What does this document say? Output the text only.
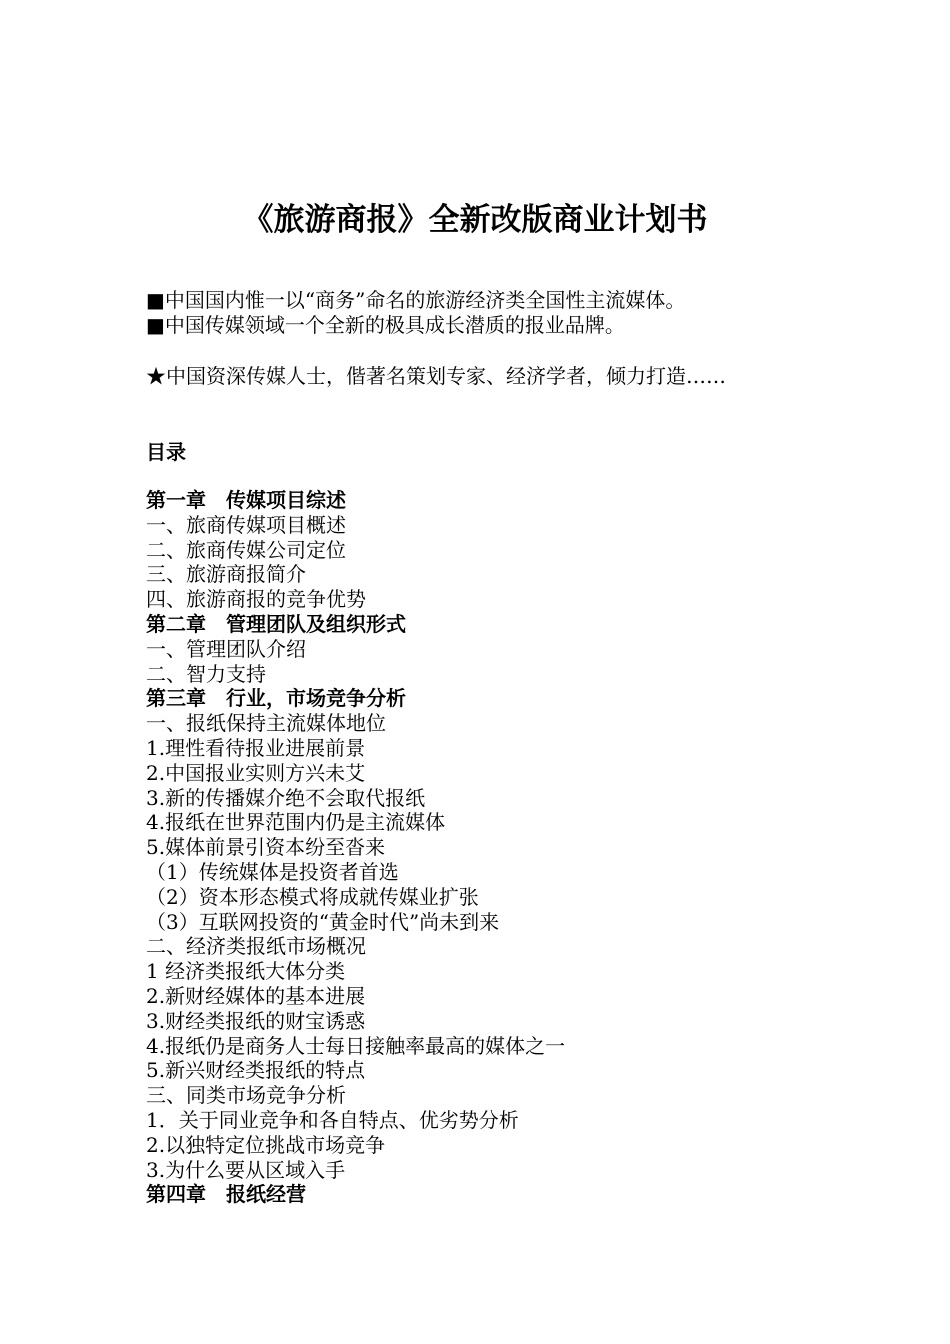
《旅游商报》全新改版商业计划书

■中国国内惟一以“商务”命名的旅游经济类全国性主流媒体。

■中国传媒领域一个全新的极具成长潜质的报业品牌。

★中国资深传媒人士，偕著名策划专家、经济学者，倾力打造……

目录
第一章　传媒项目综述
一、旅商传媒项目概述
二、旅商传媒公司定位
三、旅游商报简介
四、旅游商报的竞争优势
第二章　管理团队及组织形式
一、管理团队介绍
二、智力支持
第三章　行业，市场竞争分析
一、报纸保持主流媒体地位
1.理性看待报业进展前景
2.中国报业实则方兴未艾
3.新的传播媒介绝不会取代报纸
4.报纸在世界范围内仍是主流媒体
5.媒体前景引资本纷至沓来
（1）传统媒体是投资者首选
（2）资本形态模式将成就传媒业扩张
（3）互联网投资的“黄金时代”尚未到来
二、经济类报纸市场概况
1 经济类报纸大体分类
2.新财经媒体的基本进展
3.财经类报纸的财宝诱惑
4.报纸仍是商务人士每日接触率最高的媒体之一
5.新兴财经类报纸的特点
三、同类市场竞争分析
1．关于同业竞争和各自特点、优劣势分析
2.以独特定位挑战市场竞争
3.为什么要从区域入手
第四章　报纸经营
